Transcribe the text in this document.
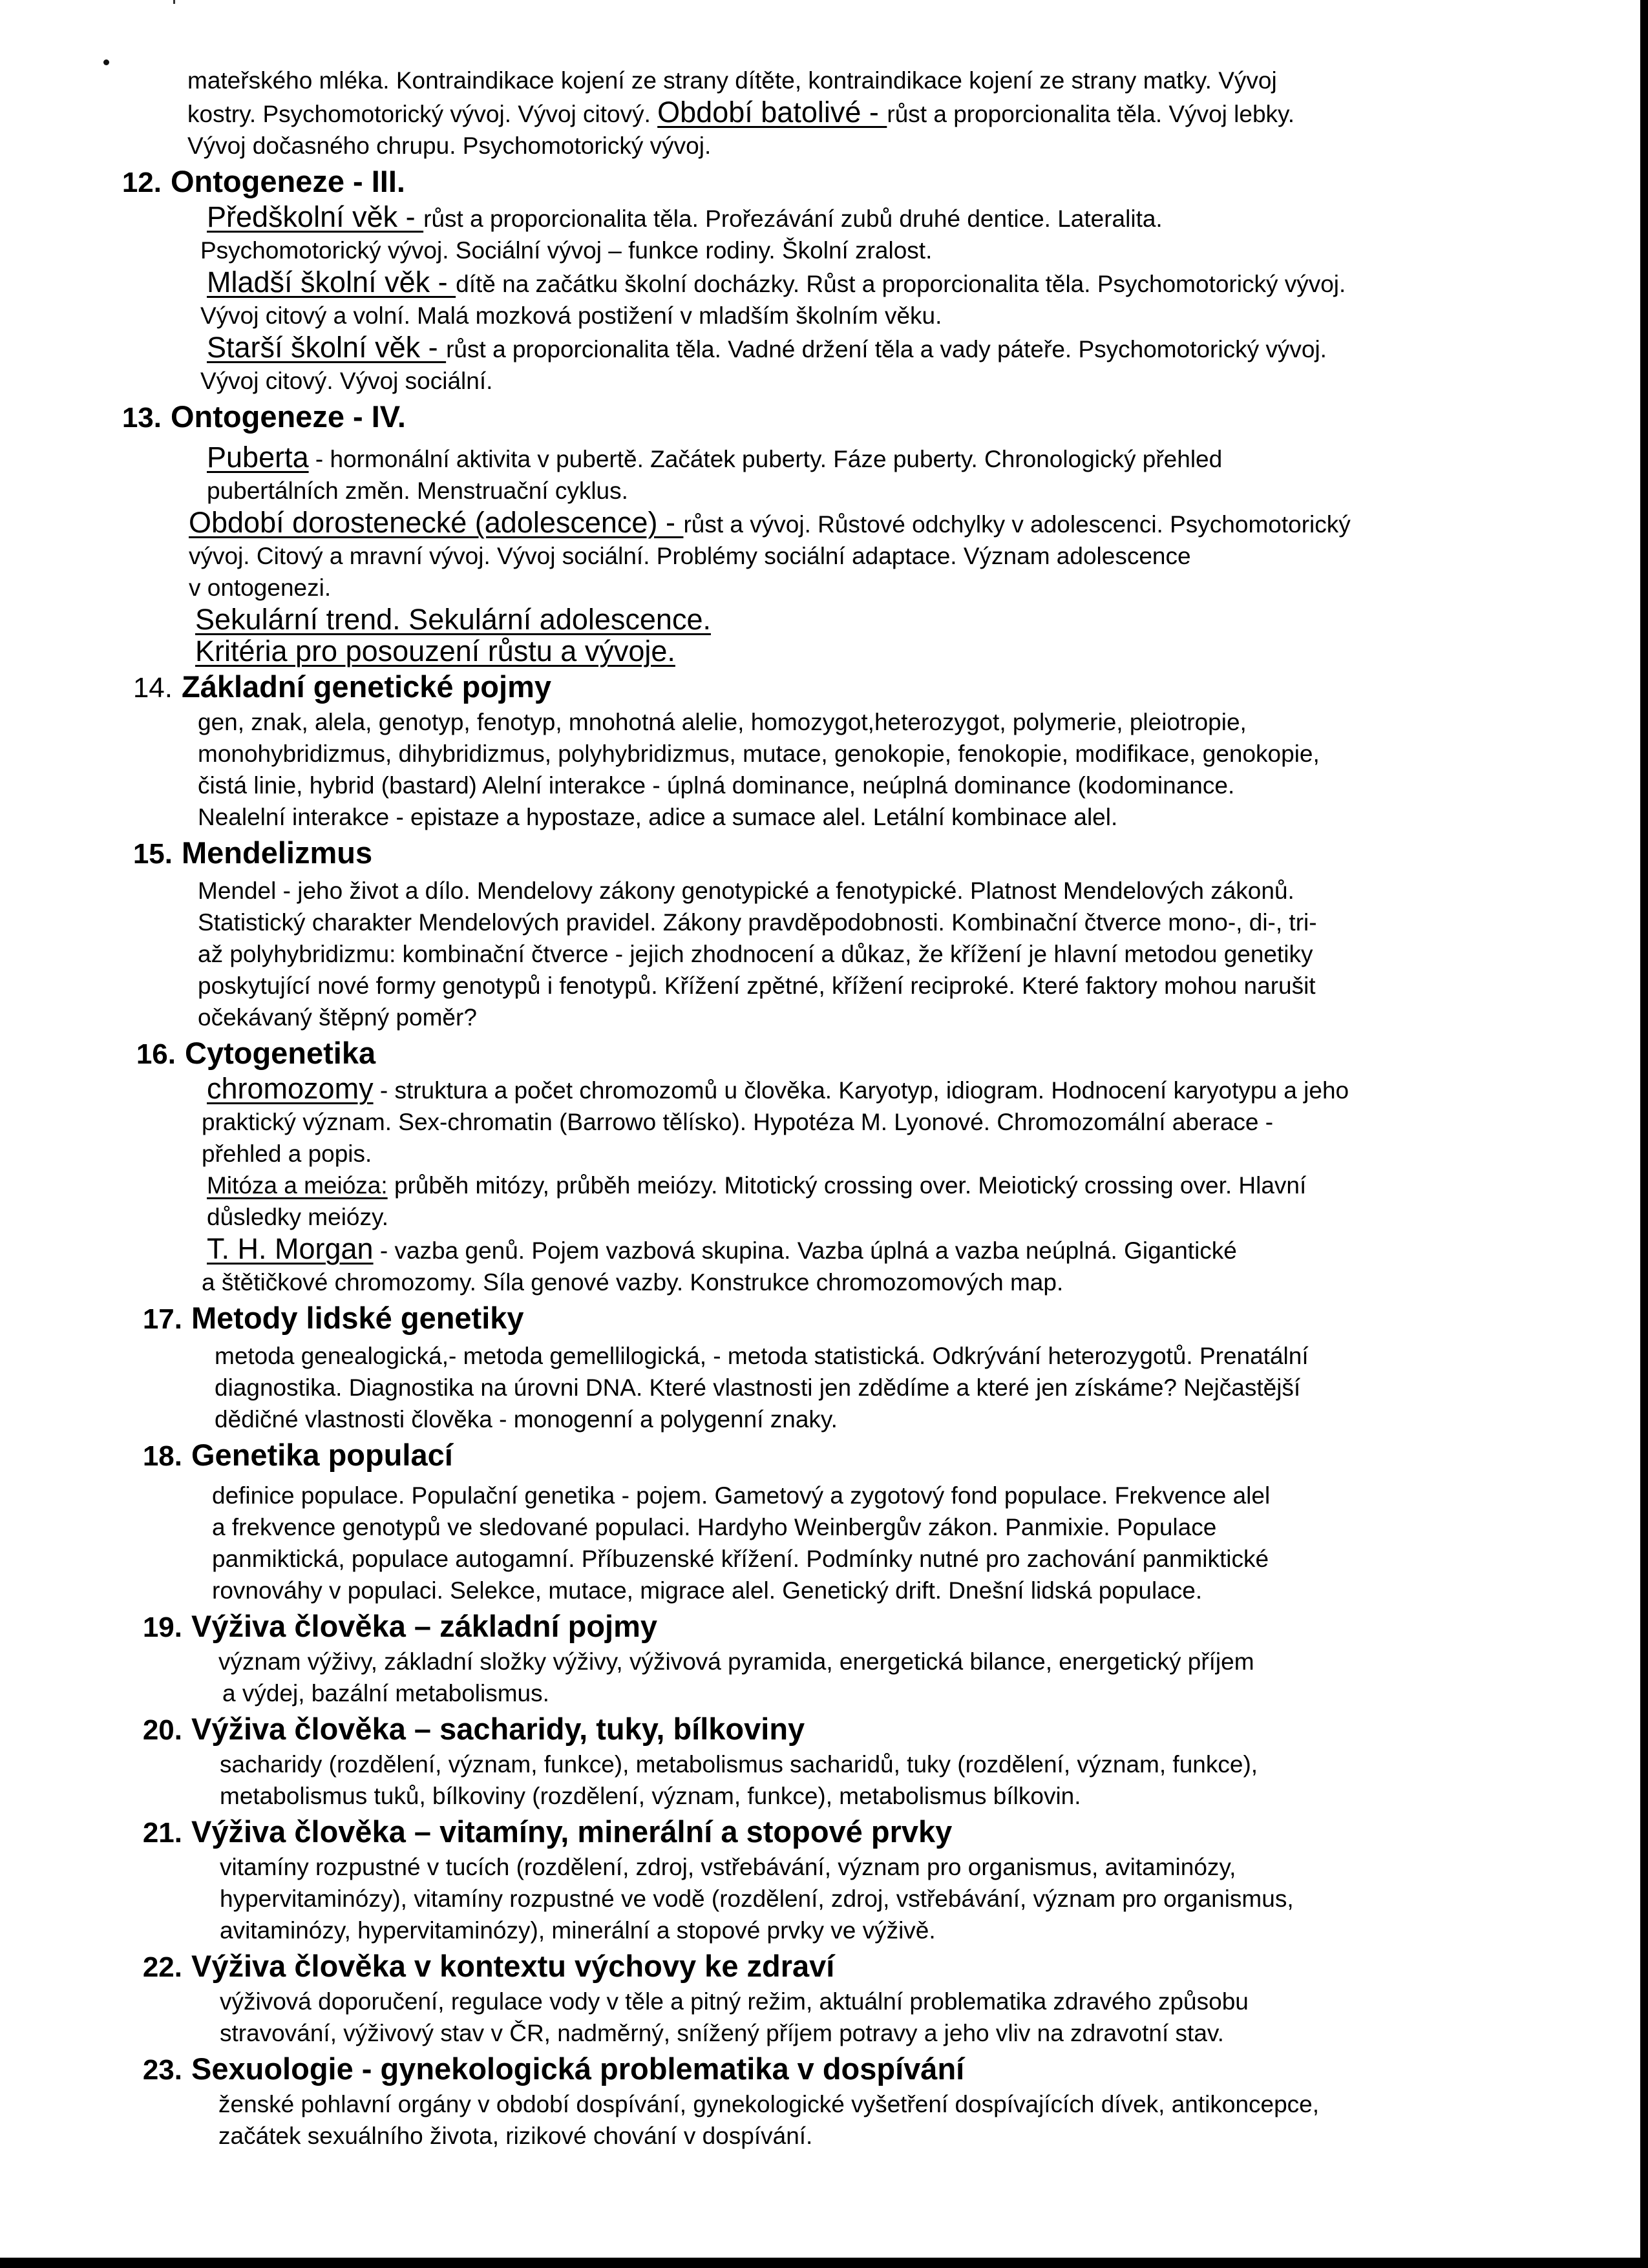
mateřského mléka. Kontraindikace kojení ze strany dítěte, kontraindikace kojení ze strany matky. Vývoj

kostry. Psychomotorický vývoj. Vývoj citový. Období batolivé - růst a proporcionalita těla. Vývoj lebky.

Vývoj dočasného chrupu. Psychomotorický vývoj.

12. Ontogeneze - III.

Předškolní věk - růst a proporcionalita těla. Prořezávání zubů druhé dentice. Lateralita.

Psychomotorický vývoj. Sociální vývoj – funkce rodiny. Školní zralost.

Mladší školní věk - dítě na začátku školní docházky. Růst a proporcionalita těla. Psychomotorický vývoj.

Vývoj citový a volní. Malá mozková postižení v mladším školním věku.

Starší školní věk - růst a proporcionalita těla. Vadné držení těla a vady páteře. Psychomotorický vývoj.

Vývoj citový. Vývoj sociální.

13. Ontogeneze - IV.

Puberta - hormonální aktivita v pubertě. Začátek puberty. Fáze puberty. Chronologický přehled

pubertálních změn. Menstruační cyklus.

Období dorostenecké (adolescence) - růst a vývoj. Růstové odchylky v adolescenci. Psychomotorický

vývoj. Citový a mravní vývoj. Vývoj sociální. Problémy sociální adaptace. Význam adolescence

v ontogenezi.

Sekulární trend. Sekulární adolescence.

Kritéria pro posouzení růstu a vývoje.

14. Základní genetické pojmy

gen, znak, alela, genotyp, fenotyp, mnohotná alelie, homozygot,heterozygot, polymerie, pleiotropie,

monohybridizmus, dihybridizmus, polyhybridizmus, mutace, genokopie, fenokopie, modifikace, genokopie,

čistá linie, hybrid (bastard) Alelní interakce - úplná dominance, neúplná dominance (kodominance.

Nealelní interakce - epistaze a hypostaze, adice a sumace alel. Letální kombinace alel.

15. Mendelizmus

Mendel - jeho život a dílo. Mendelovy zákony genotypické a fenotypické. Platnost Mendelových zákonů.

Statistický charakter Mendelových pravidel. Zákony pravděpodobnosti. Kombinační čtverce mono-, di-, tri-

až polyhybridizmu: kombinační čtverce - jejich zhodnocení a důkaz, že křížení je hlavní metodou genetiky

poskytující nové formy genotypů i fenotypů. Křížení zpětné, křížení reciproké. Které faktory mohou narušit

očekávaný štěpný poměr?

16. Cytogenetika

chromozomy - struktura a počet chromozomů u člověka. Karyotyp, idiogram. Hodnocení karyotypu a jeho

praktický význam. Sex-chromatin (Barrowo tělísko). Hypotéza M. Lyonové. Chromozomální aberace -

přehled a popis.

Mitóza a meióza: průběh mitózy, průběh meiózy. Mitotický crossing over. Meiotický crossing over. Hlavní

důsledky meiózy.

T. H. Morgan - vazba genů. Pojem vazbová skupina. Vazba úplná a vazba neúplná. Gigantické

a štětičkové chromozomy. Síla genové vazby. Konstrukce chromozomových map.

17. Metody lidské genetiky

metoda genealogická,- metoda gemellilogická, - metoda statistická. Odkrývání heterozygotů. Prenatální

diagnostika. Diagnostika na úrovni DNA. Které vlastnosti jen zdědíme a které jen získáme? Nejčastější

dědičné vlastnosti člověka - monogenní a polygenní znaky.

18. Genetika populací

definice populace. Populační genetika - pojem. Gametový a zygotový fond populace. Frekvence alel

a frekvence genotypů ve sledované populaci. Hardyho Weinbergův zákon. Panmixie. Populace

panmiktická, populace autogamní. Příbuzenské křížení. Podmínky nutné pro zachování panmiktické

rovnováhy v populaci. Selekce, mutace, migrace alel. Genetický drift. Dnešní lidská populace.

19. Výživa člověka – základní pojmy

význam výživy, základní složky výživy, výživová pyramida, energetická bilance, energetický příjem

a výdej, bazální metabolismus.

20. Výživa člověka – sacharidy, tuky, bílkoviny

sacharidy (rozdělení, význam, funkce), metabolismus sacharidů, tuky (rozdělení, význam, funkce),

metabolismus tuků, bílkoviny (rozdělení, význam, funkce), metabolismus bílkovin.

21. Výživa člověka – vitamíny, minerální a stopové prvky

vitamíny rozpustné v tucích (rozdělení, zdroj, vstřebávání, význam pro organismus, avitaminózy,

hypervitaminózy), vitamíny rozpustné ve vodě (rozdělení, zdroj, vstřebávání, význam pro organismus,

avitaminózy, hypervitaminózy), minerální a stopové prvky ve výživě.

22. Výživa člověka v kontextu výchovy ke zdraví

výživová doporučení, regulace vody v těle a pitný režim, aktuální problematika zdravého způsobu

stravování, výživový stav v ČR, nadměrný, snížený příjem potravy a jeho vliv na zdravotní stav.

23. Sexuologie - gynekologická problematika v dospívání

ženské pohlavní orgány v období dospívání, gynekologické vyšetření dospívajících dívek, antikoncepce,

začátek sexuálního života, rizikové chování v dospívání.
